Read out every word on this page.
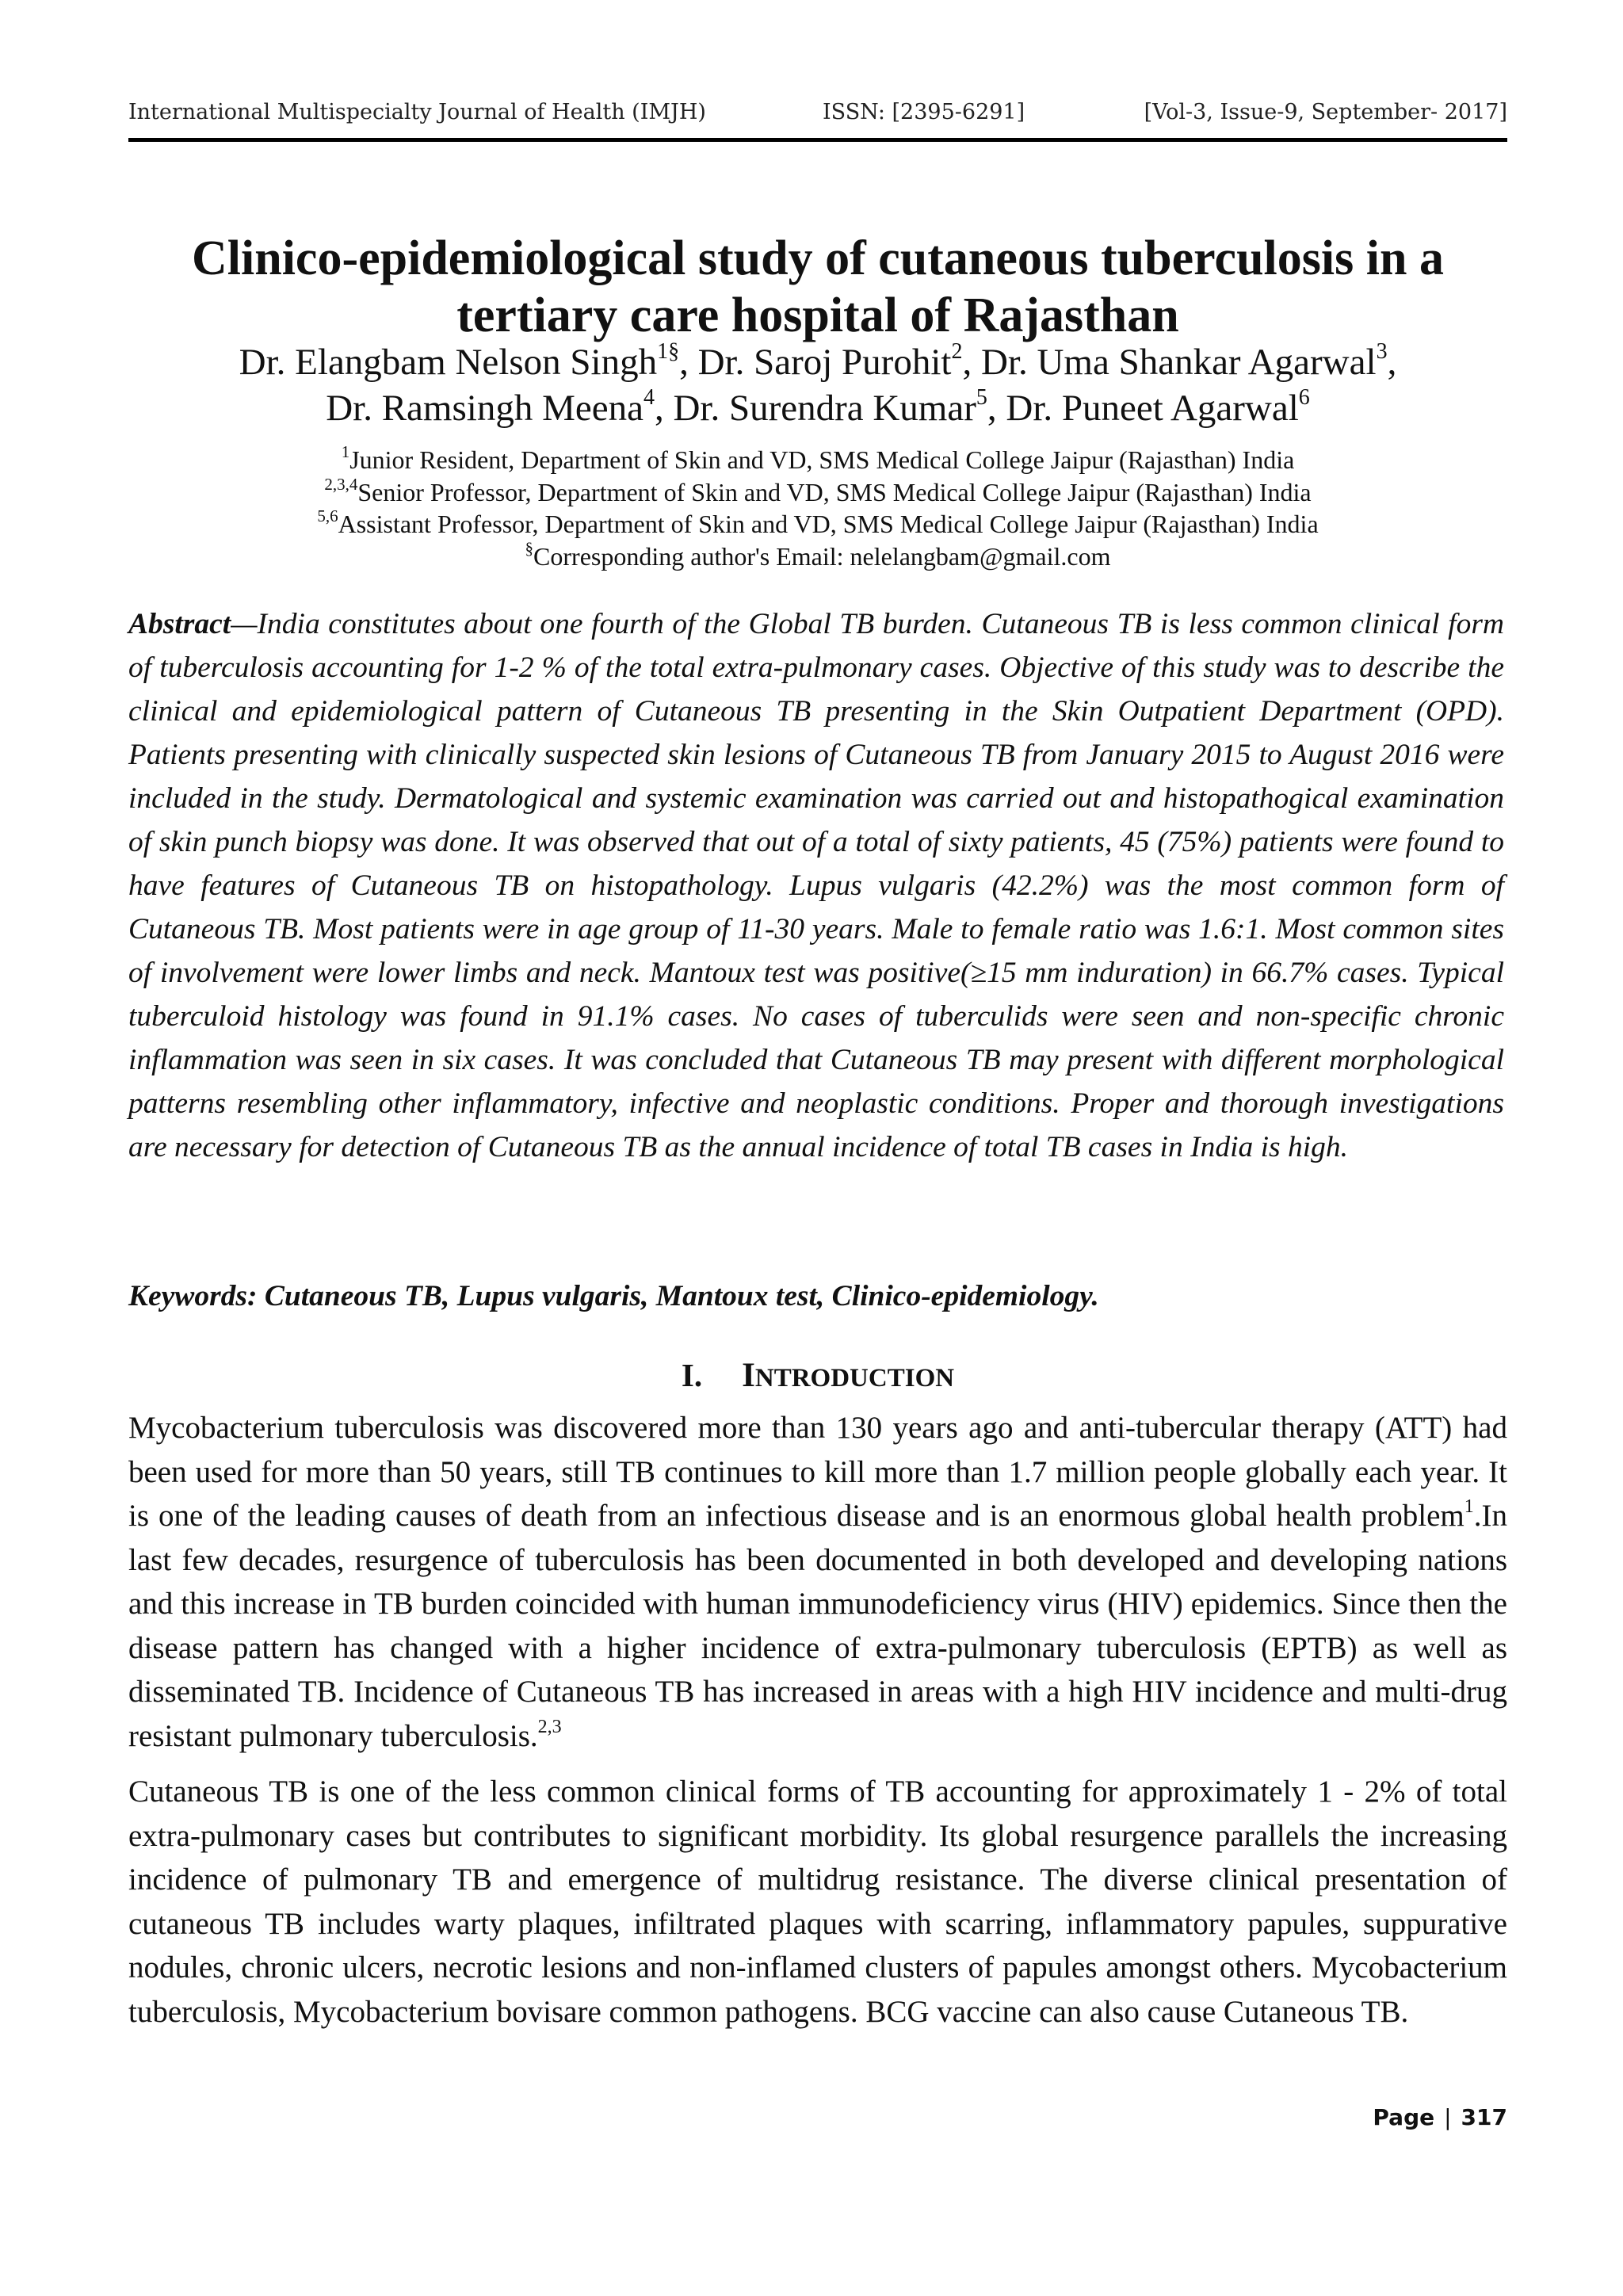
International Multispecialty Journal of Health (IMJH)	ISSN: [2395-6291]	[Vol-3, Issue-9, September- 2017]
Clinico-epidemiological study of cutaneous tuberculosis in a tertiary care hospital of Rajasthan
Dr. Elangbam Nelson Singh$^{1\S}$, Dr. Saroj Purohit$^2$, Dr. Uma Shankar Agarwal$^3$,
Dr. Ramsingh Meena$^4$, Dr. Surendra Kumar$^5$, Dr. Puneet Agarwal$^6$
$^1$Junior Resident, Department of Skin and VD, SMS Medical College Jaipur (Rajasthan) India
$^{2,3,4}$Senior Professor, Department of Skin and VD, SMS Medical College Jaipur (Rajasthan) India
$^{5,6}$Assistant Professor, Department of Skin and VD, SMS Medical College Jaipur (Rajasthan) India
§Corresponding author's Email: nelelangbam@gmail.com

Abstract—India constitutes about one fourth of the Global TB burden. Cutaneous TB is less common clinical form of tuberculosis accounting for 1-2 % of the total extra-pulmonary cases. Objective of this study was to describe the clinical and epidemiological pattern of Cutaneous TB presenting in the Skin Outpatient Department (OPD). Patients presenting with clinically suspected skin lesions of Cutaneous TB from January 2015 to August 2016 were included in the study. Dermatological and systemic examination was carried out and histopathogical examination of skin punch biopsy was done. It was observed that out of a total of sixty patients, 45 (75%) patients were found to have features of Cutaneous TB on histopathology. Lupus vulgaris (42.2%) was the most common form of Cutaneous TB. Most patients were in age group of 11-30 years. Male to female ratio was 1.6:1. Most common sites of involvement were lower limbs and neck. Mantoux test was positive(≥15 mm induration) in 66.7% cases. Typical tuberculoid histology was found in 91.1% cases. No cases of tuberculids were seen and non-specific chronic inflammation was seen in six cases. It was concluded that Cutaneous TB may present with different morphological patterns resembling other inflammatory, infective and neoplastic conditions. Proper and thorough investigations are necessary for detection of Cutaneous TB as the annual incidence of total TB cases in India is high.

Keywords: Cutaneous TB, Lupus vulgaris, Mantoux test, Clinico-epidemiology.

I. INTRODUCTION

Mycobacterium tuberculosis was discovered more than 130 years ago and anti-tubercular therapy (ATT) had been used for more than 50 years, still TB continues to kill more than 1.7 million people globally each year. It is one of the leading causes of death from an infectious disease and is an enormous global health problem$^1$.In last few decades, resurgence of tuberculosis has been documented in both developed and developing nations and this increase in TB burden coincided with human immunodeficiency virus (HIV) epidemics. Since then the disease pattern has changed with a higher incidence of extra-pulmonary tuberculosis (EPTB) as well as disseminated TB. Incidence of Cutaneous TB has increased in areas with a high HIV incidence and multi-drug resistant pulmonary tuberculosis.$^{2,3}$

Cutaneous TB is one of the less common clinical forms of TB accounting for approximately 1 - 2% of total extra-pulmonary cases but contributes to significant morbidity. Its global resurgence parallels the increasing incidence of pulmonary TB and emergence of multidrug resistance. The diverse clinical presentation of cutaneous TB includes warty plaques, infiltrated plaques with scarring, inflammatory papules, suppurative nodules, chronic ulcers, necrotic lesions and non-inflamed clusters of papules amongst others. Mycobacterium tuberculosis, Mycobacterium bovisare common pathogens. BCG vaccine can also cause Cutaneous TB.

Page | 317
